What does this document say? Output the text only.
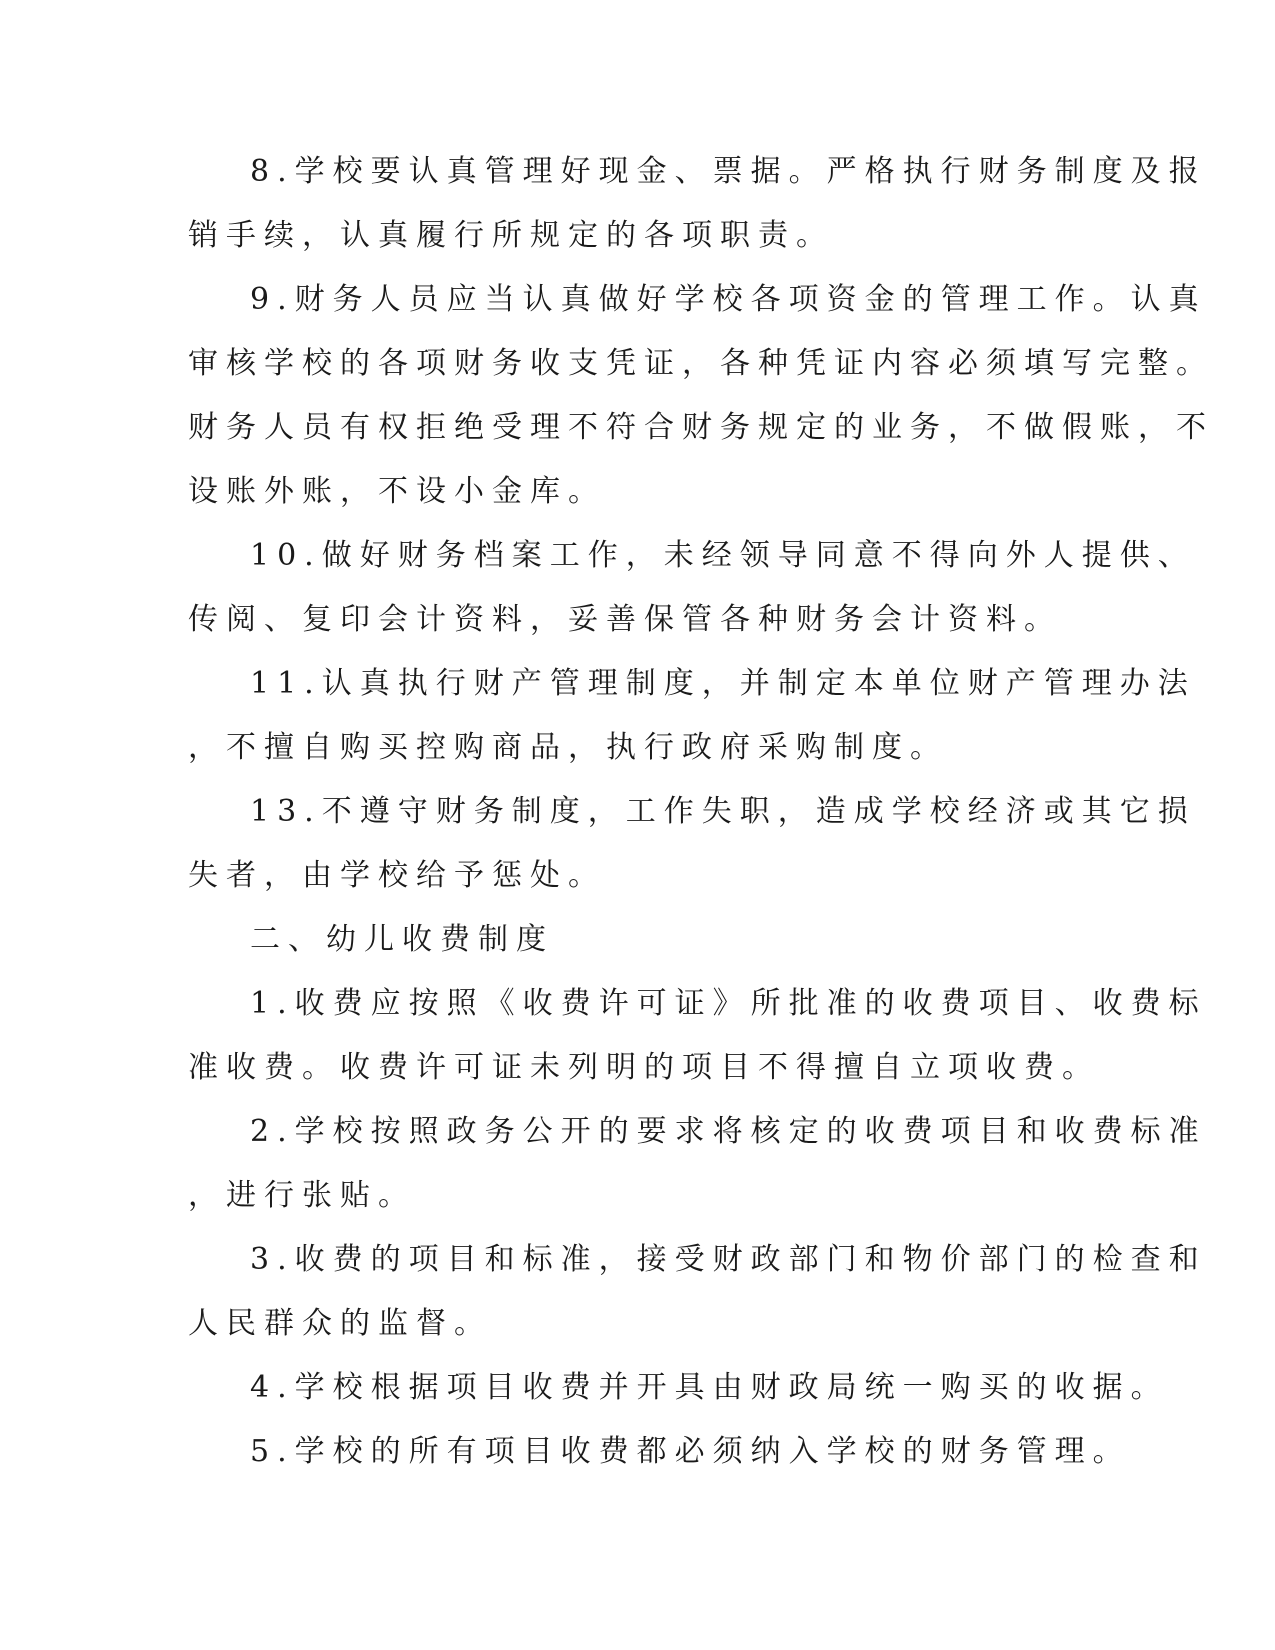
8.学校要认真管理好现金、票据。严格执行财务制度及报
销手续，认真履行所规定的各项职责。
9.财务人员应当认真做好学校各项资金的管理工作。认真
审核学校的各项财务收支凭证，各种凭证内容必须填写完整。
财务人员有权拒绝受理不符合财务规定的业务，不做假账，不
设账外账，不设小金库。
10.做好财务档案工作，未经领导同意不得向外人提供、
传阅、复印会计资料，妥善保管各种财务会计资料。
11.认真执行财产管理制度，并制定本单位财产管理办法
，不擅自购买控购商品，执行政府采购制度。
13.不遵守财务制度，工作失职，造成学校经济或其它损
失者，由学校给予惩处。
二、幼儿收费制度
1.收费应按照《收费许可证》所批准的收费项目、收费标
准收费。收费许可证未列明的项目不得擅自立项收费。
2.学校按照政务公开的要求将核定的收费项目和收费标准
，进行张贴。
3.收费的项目和标准，接受财政部门和物价部门的检查和
人民群众的监督。
4.学校根据项目收费并开具由财政局统一购买的收据。
5.学校的所有项目收费都必须纳入学校的财务管理。
